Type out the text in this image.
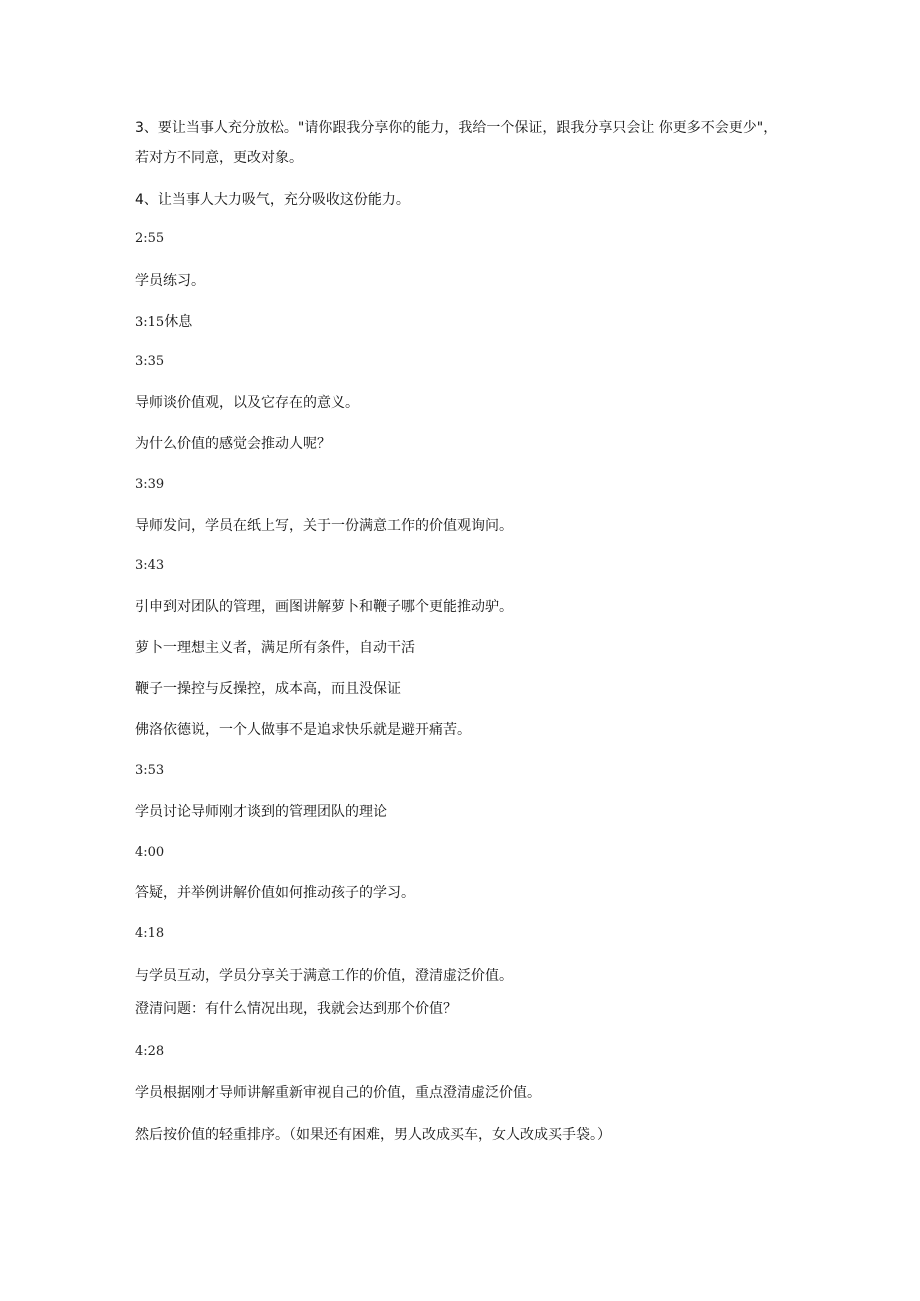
3、要让当事人充分放松。"请你跟我分享你的能力，我给一个保证，跟我分享只会让 你更多不会更少"，若对方不同意，更改对象。

4、让当事人大力吸气，充分吸收这份能力。

2:55

学员练习。

3:15休息

3:35

导师谈价值观，以及它存在的意义。

为什么价值的感觉会推动人呢？

3:39

导师发问，学员在纸上写，关于一份满意工作的价值观询问。

3:43

引申到对团队的管理，画图讲解萝卜和鞭子哪个更能推动驴。

萝卜一理想主义者，满足所有条件，自动干活

鞭子一操控与反操控，成本高，而且没保证

佛洛依德说，一个人做事不是追求快乐就是避开痛苦。

3:53

学员讨论导师刚才谈到的管理团队的理论

4:00

答疑，并举例讲解价值如何推动孩子的学习。

4:18

与学员互动，学员分享关于满意工作的价值，澄清虚泛价值。

澄清问题：有什么情况出现，我就会达到那个价值？

4:28

学员根据刚才导师讲解重新审视自己的价值，重点澄清虚泛价值。

然后按价值的轻重排序。（如果还有困难，男人改成买车，女人改成买手袋。）
